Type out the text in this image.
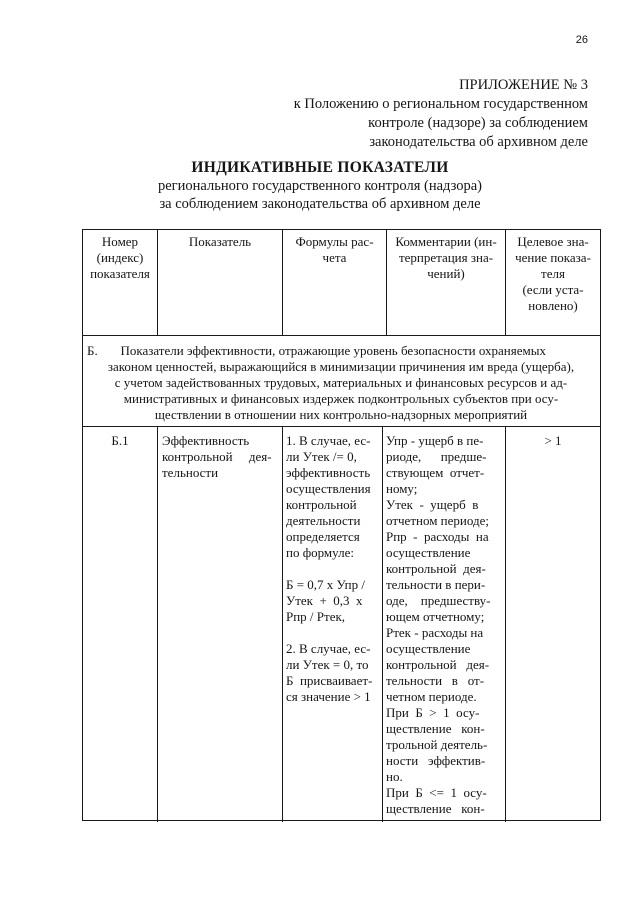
26
ПРИЛОЖЕНИЕ № 3
к Положению о региональном государственном
контроле (надзоре) за соблюдением
законодательства об архивном деле
ИНДИКАТИВНЫЕ ПОКАЗАТЕЛИ
регионального государственного контроля (надзора)
за соблюдением законодательства об архивном деле
Номер
(индекс)
показателя
Показатель	Формулы рас-
чета
Комментарии (ин-
терпретация зна-
чений)
Целевое зна-
чение показа-
теля
(если уста-
новлено)
Б.       Показатели эффективности, отражающие уровень безопасности охраняемых
законом ценностей, выражающийся в минимизации причинения им вреда (ущерба),
с учетом задействованных трудовых, материальных и финансовых ресурсов и ад-
министративных и финансовых издержек подконтрольных субъектов при осу-
ществлении в отношении них контрольно-надзорных мероприятий
Б.1	Эффективность
контрольной     дея-
тельности
1. В случае, ес-
ли Утек /= 0,
эффективность
осуществления
контрольной
деятельности
определяется
по формуле:
Б = 0,7 x Упр /
Утек  +  0,3  x
Рпр / Ртек,
2. В случае, ес-
ли Утек = 0, то
Б  присваивает-
ся значение > 1
Упр - ущерб в пе-
риоде,      предше-
ствующем  отчет-
ному;
Утек  -  ущерб  в
отчетном периоде;
Рпр  -  расходы  на
осуществление
контрольной  дея-
тельности в пери-
оде,    предшеству-
ющем отчетному;
Ртек - расходы на
осуществление
контрольной   дея-
тельности   в   от-
четном периоде.
При  Б  >  1  осу-
ществление   кон-
трольной деятель-
ности   эффектив-
но.
При  Б  <=  1  осу-
ществление   кон-
> 1
